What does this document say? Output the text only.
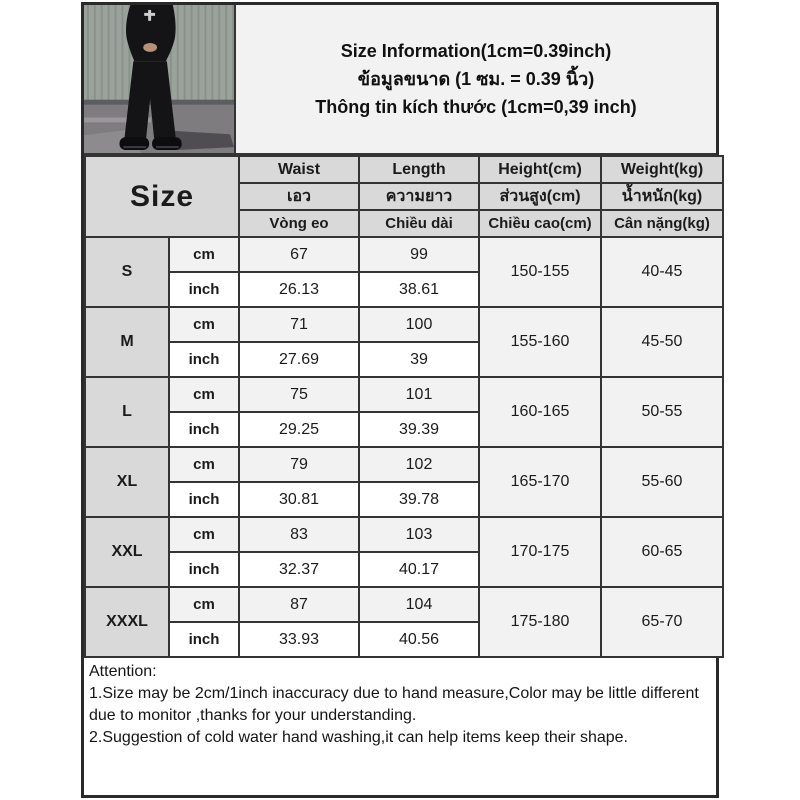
Size Information(1cm=0.39inch)
ข้อมูลขนาด (1 ซม. = 0.39 นิ้ว)
Thông tin kích thước (1cm=0,39 inch)
Size		Waist	Length	Height(cm)	Weight(kg)
		เอว	ความยาว	ส่วนสูง(cm)	น้ำหนัก(kg)
		Vòng eo	Chiều dài	Chiều cao(cm)	Cân nặng(kg)
S	cm	67	99	150-155	40-45
	inch	26.13	38.61		
M	cm	71	100	155-160	45-50
	inch	27.69	39		
L	cm	75	101	160-165	50-55
	inch	29.25	39.39		
XL	cm	79	102	165-170	55-60
	inch	30.81	39.78		
XXL	cm	83	103	170-175	60-65
	inch	32.37	40.17		
XXXL	cm	87	104	175-180	65-70
	inch	33.93	40.56		
Attention:
1.Size may be 2cm/1inch inaccuracy due to hand measure,Color may be little different due to monitor ,thanks for your understanding.
2.Suggestion of cold water hand washing,it can help items keep their shape.
